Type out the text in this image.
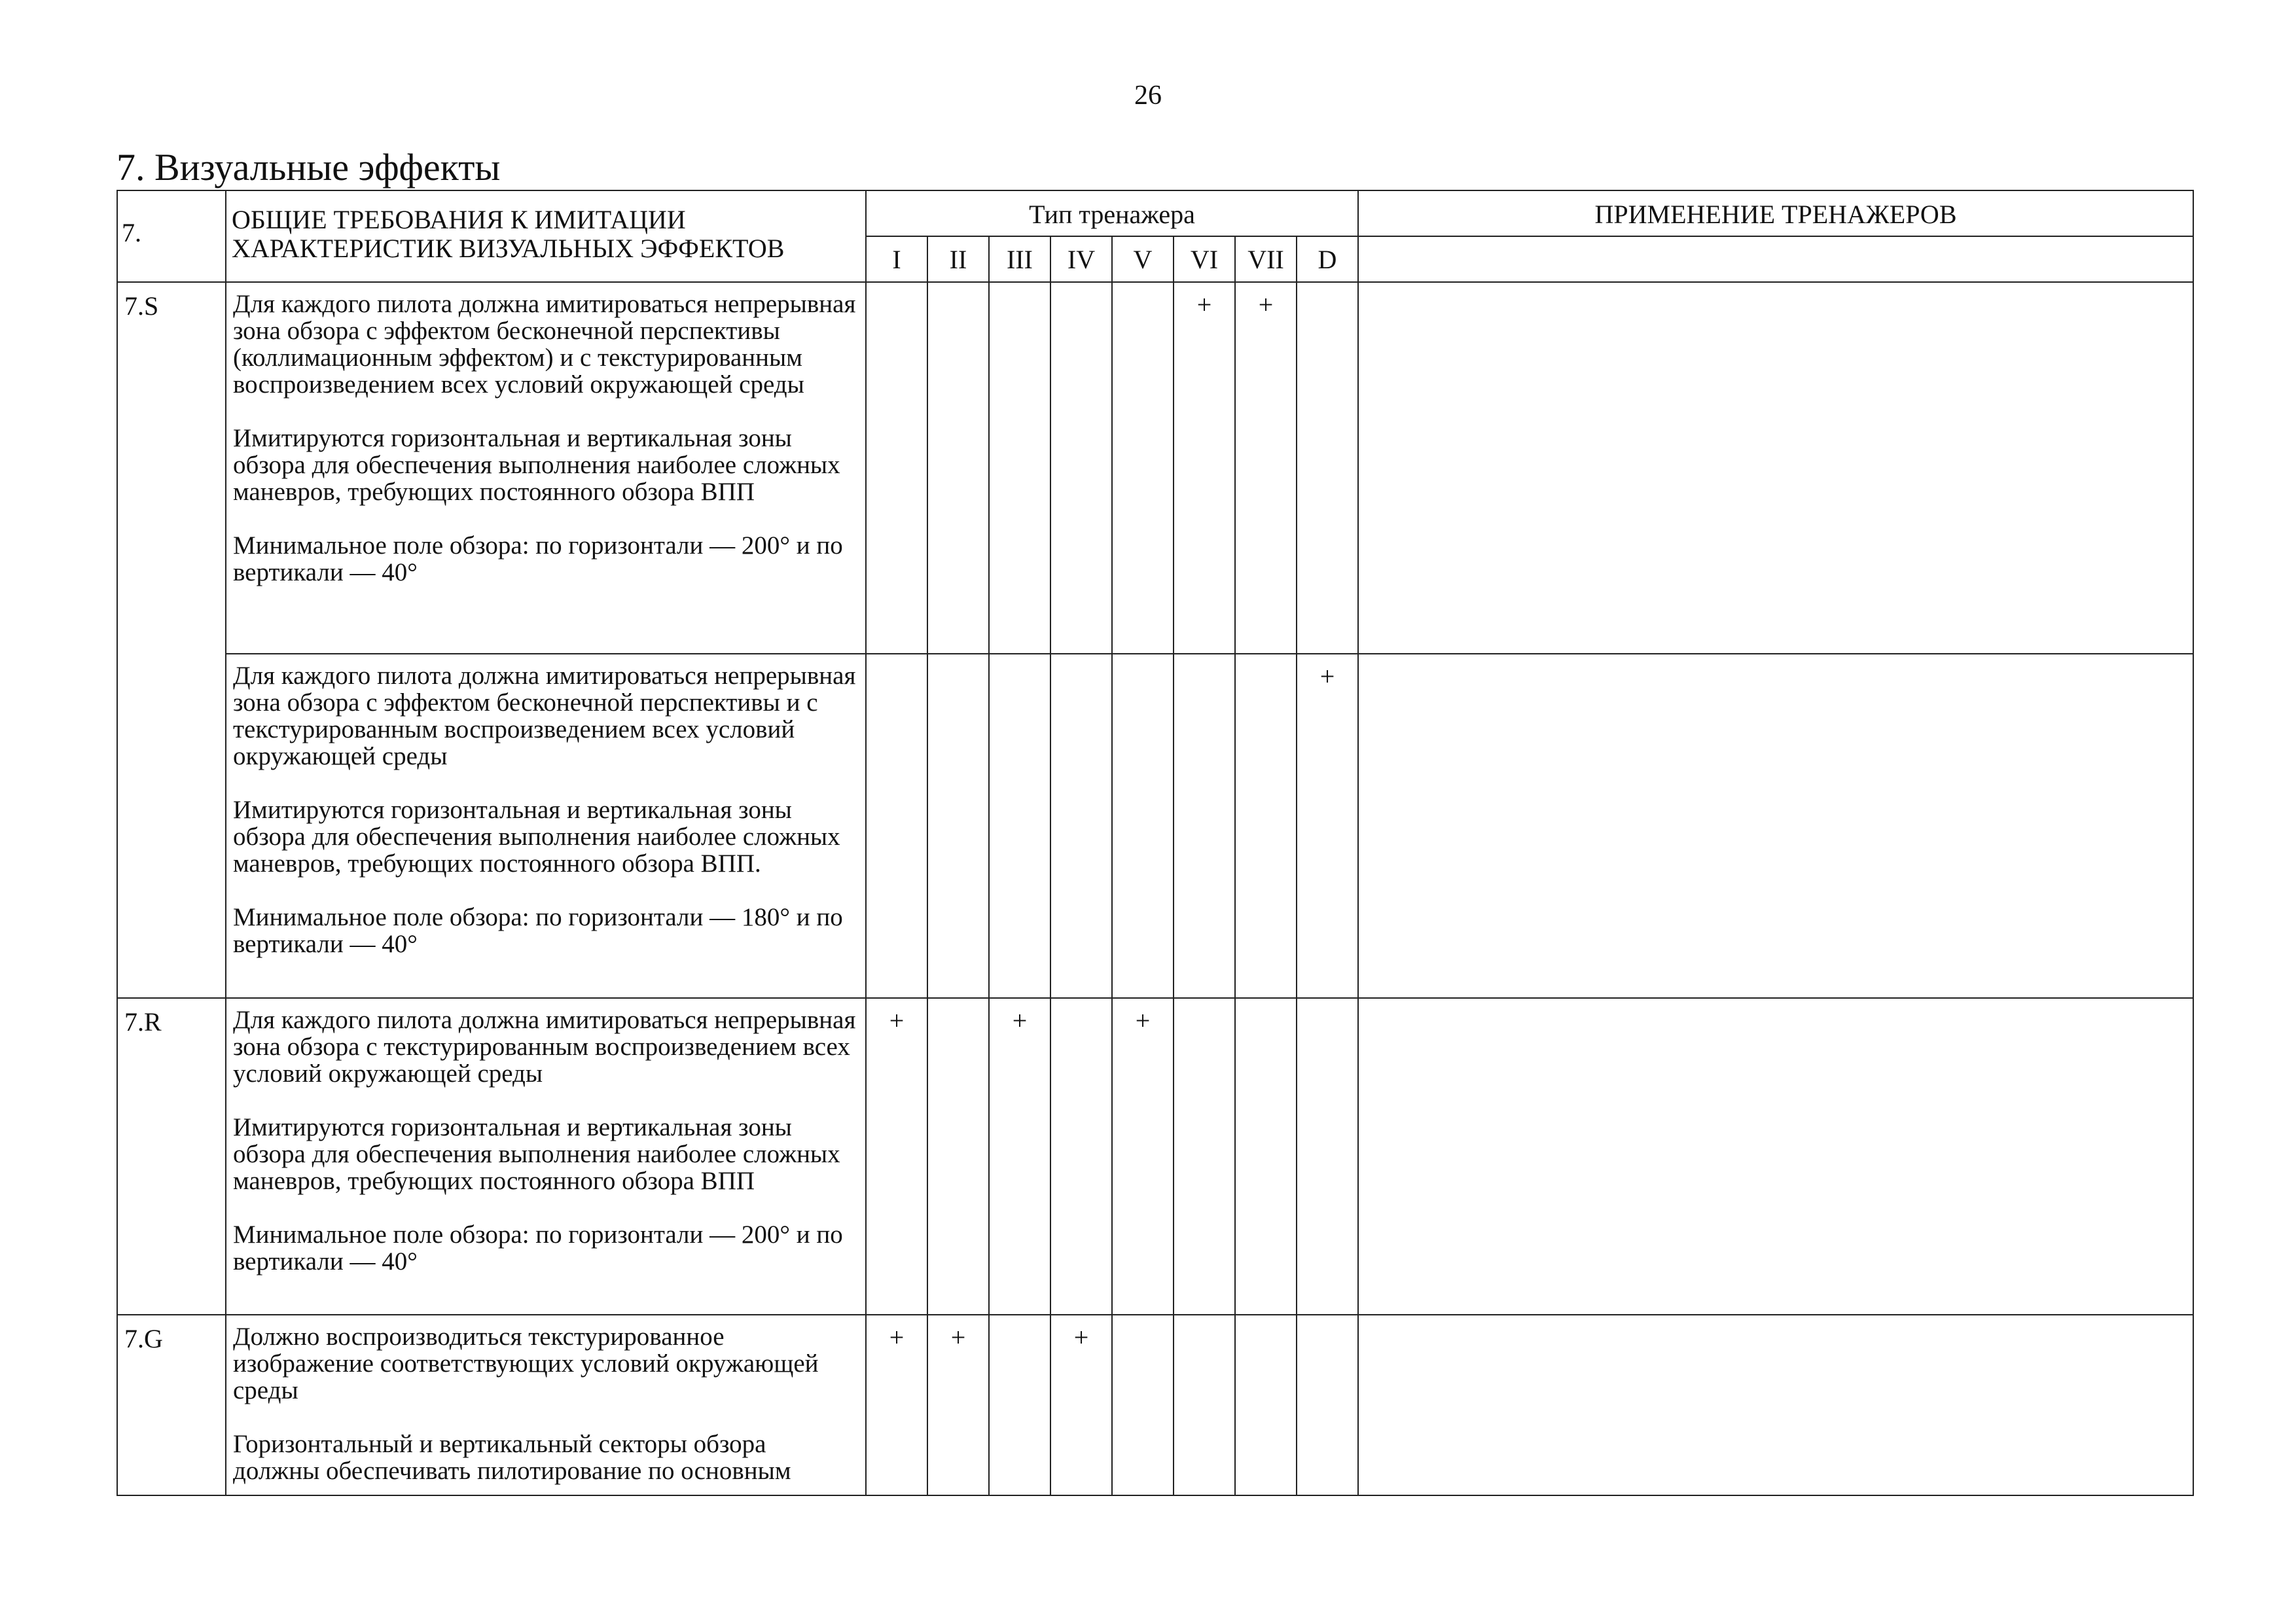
26
7. Визуальные эффекты
7.	ОБЩИЕ ТРЕБОВАНИЯ К ИМИТАЦИИ ХАРАКТЕРИСТИК ВИЗУАЛЬНЫХ ЭФФЕКТОВ	Тип тренажера								ПРИМЕНЕНИЕ ТРЕНАЖЕРОВ
		I	II	III	IV	V	VI	VII	D	
7.S	Для каждого пилота должна имитироваться непрерывная зона обзора с эффектом бесконечной перспективы (коллимационным эффектом) и с текстурированным воспроизведением всех условий окружающей среды

Имитируются горизонтальная и вертикальная зоны обзора для обеспечения выполнения наиболее сложных маневров, требующих постоянного обзора ВПП

Минимальное поле обзора: по горизонтали — 200° и по вертикали — 40°						+	+		

	Для каждого пилота должна имитироваться непрерывная зона обзора с эффектом бесконечной перспективы и с текстурированным воспроизведением всех условий окружающей среды

Имитируются горизонтальная и вертикальная зоны обзора для обеспечения выполнения наиболее сложных маневров, требующих постоянного обзора ВПП.

Минимальное поле обзора: по горизонтали — 180° и по вертикали — 40°								+	
7.R	Для каждого пилота должна имитироваться непрерывная зона обзора с текстурированным воспроизведением всех условий окружающей среды

Имитируются горизонтальная и вертикальная зоны обзора для обеспечения выполнения наиболее сложных маневров, требующих постоянного обзора ВПП

Минимальное поле обзора: по горизонтали — 200° и по вертикали — 40°	+		+		+				
7.G	Должно воспроизводиться текстурированное изображение соответствующих условий окружающей среды

Горизонтальный и вертикальный секторы обзора должны обеспечивать пилотирование по основным	+	+		+					
